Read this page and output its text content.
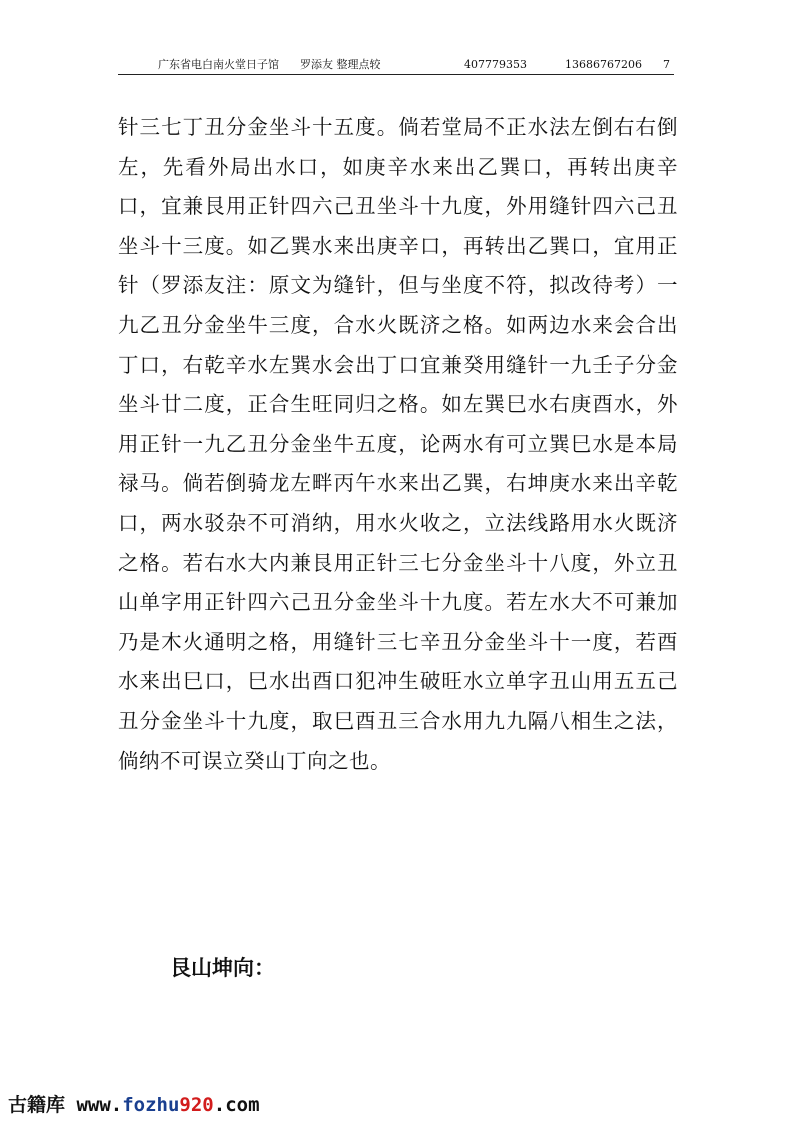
广东省电白南火堂日子馆 罗添友 整理点较	407779353	13686767206 7

针三七丁丑分金坐斗十五度。倘若堂局不正水法左倒右右倒左，先看外局出水口，如庚辛水来出乙巽口，再转出庚辛口，宜兼艮用正针四六己丑坐斗十九度，外用缝针四六己丑坐斗十三度。如乙巽水来出庚辛口，再转出乙巽口，宜用正针（罗添友注：原文为缝针，但与坐度不符，拟改待考）一九乙丑分金坐牛三度，合水火既济之格。如两边水来会合出丁口，右乾辛水左巽水会出丁口宜兼癸用缝针一九壬子分金坐斗廿二度，正合生旺同归之格。如左巽巳水右庚酉水，外用正针一九乙丑分金坐牛五度，论两水有可立巽巳水是本局禄马。倘若倒骑龙左畔丙午水来出乙巽，右坤庚水来出辛乾口，两水驳杂不可消纳，用水火收之，立法线路用水火既济之格。若右水大内兼艮用正针三七分金坐斗十八度，外立丑山单字用正针四六己丑分金坐斗十九度。若左水大不可兼加乃是木火通明之格，用缝针三七辛丑分金坐斗十一度，若酉水来出巳口，巳水出酉口犯冲生破旺水立单字丑山用五五己丑分金坐斗十九度，取巳酉丑三合水用九九隔八相生之法，倘纳不可误立癸山丁向之也。

艮山坤向：
古籍库 www.fozhu920.com
